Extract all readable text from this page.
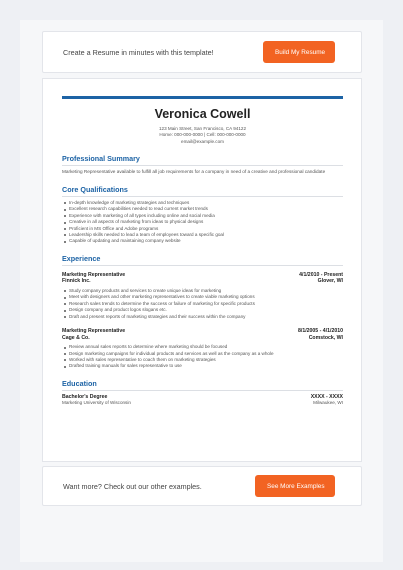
Create a Resume in minutes with this template!	Build My Resume
Veronica Cowell
123 Main Street, San Francisco, CA 94122
Home: 000-000-0000 | Cell: 000-000-0000
email@example.com
Professional Summary
Marketing Representative available to fulfill all job requirements for a company in need of a creative and professional candidate
Core Qualifications
In-depth knowledge of marketing strategies and techniques
Excellent research capabilities needed to read current market trends
Experience with marketing of all types including online and social media
Creative in all aspects of marketing from ideas to physical designs
Proficient in MS Office and Adobe programs
Leadership skills needed to lead a team of employees toward a specific goal
Capable of updating and maintaining company website
Experience
Marketing Representative
Finnick Inc.
4/1/2010 - Present
Glover, WI
Study company products and services to create unique ideas for marketing
Meet with designers and other marketing representatives to create viable marketing options
Research sales trends to determine the success or failure of marketing for specific products
Design company and product logos slogans etc.
Draft and present reports of marketing strategies and their success within the company
Marketing Representative
Cage & Co.
8/1/2005 - 4/1/2010
Comstock, WI
Review annual sales reports to determine where marketing should be focused
Design marketing campaigns for individual products and services as well as the company as a whole
Worked with sales representative to coach them on marketing strategies
Drafted training manuals for sales representative to use
Education
Bachelor's Degree
Marketing University of Wisconsin
XXXX - XXXX
Milwaukee, WI
Want more? Check out our other examples.	See More Examples
